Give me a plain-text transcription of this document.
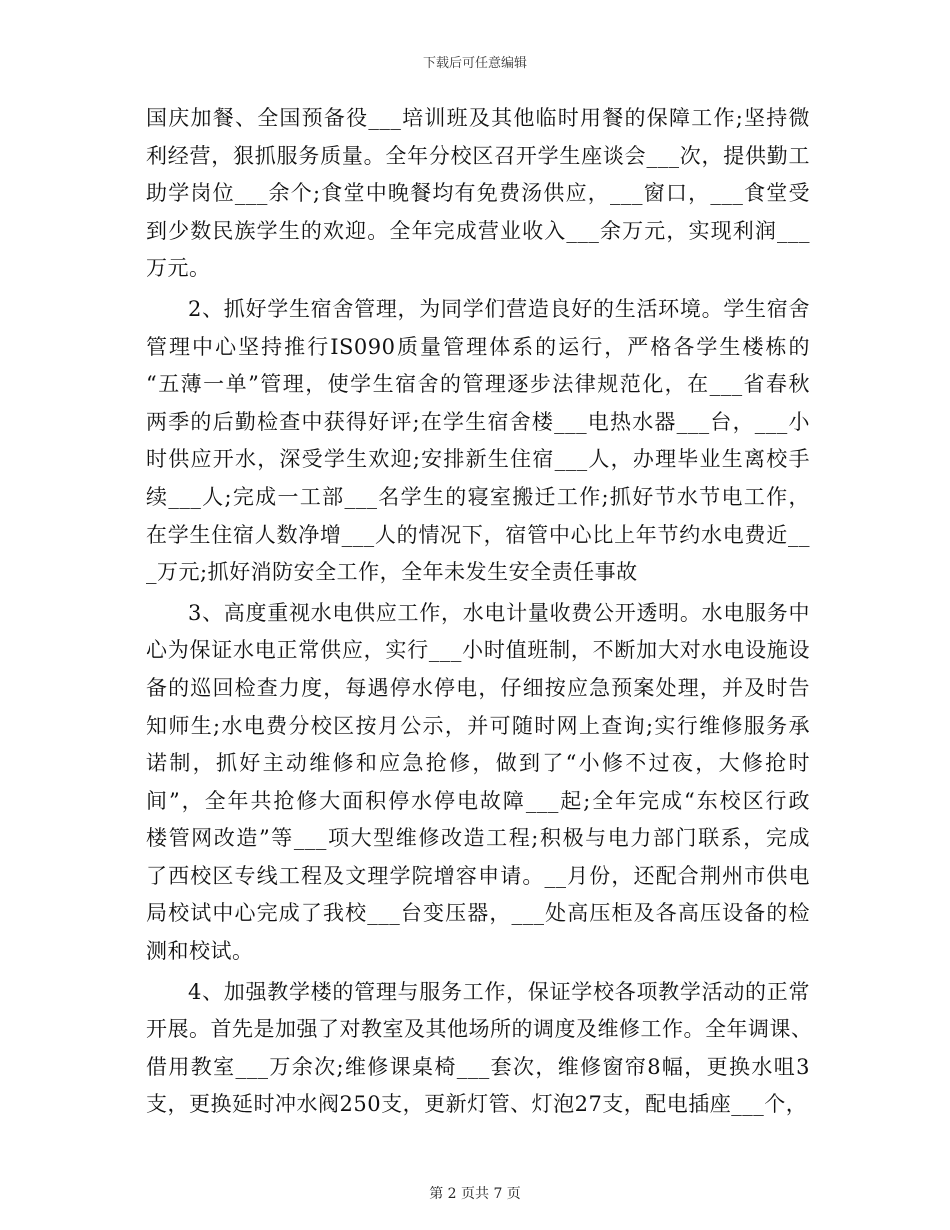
下载后可任意编辑
国庆加餐、全国预备役___培训班及其他临时用餐的保障工作;坚持微
利经营，狠抓服务质量。全年分校区召开学生座谈会___次，提供勤工
助学岗位___余个;食堂中晚餐均有免费汤供应，___窗口，___食堂受
到少数民族学生的欢迎。全年完成营业收入___余万元，实现利润___
万元。
2、抓好学生宿舍管理，为同学们营造良好的生活环境。学生宿舍
管理中心坚持推行IS090质量管理体系的运行，严格各学生楼栋的
“五薄一单”管理，使学生宿舍的管理逐步法律规范化，在___省春秋
两季的后勤检查中获得好评;在学生宿舍楼___电热水器___台，___小
时供应开水，深受学生欢迎;安排新生住宿___人，办理毕业生离校手
续___人;完成一工部___名学生的寝室搬迁工作;抓好节水节电工作，
在学生住宿人数净增___人的情况下，宿管中心比上年节约水电费近__
_万元;抓好消防安全工作，全年未发生安全责任事故
3、高度重视水电供应工作，水电计量收费公开透明。水电服务中
心为保证水电正常供应，实行___小时值班制，不断加大对水电设施设
备的巡回检查力度，每遇停水停电，仔细按应急预案处理，并及时告
知师生;水电费分校区按月公示，并可随时网上查询;实行维修服务承
诺制，抓好主动维修和应急抢修，做到了“小修不过夜，大修抢时
间”，全年共抢修大面积停水停电故障___起;全年完成“东校区行政
楼管网改造”等___项大型维修改造工程;积极与电力部门联系，完成
了西校区专线工程及文理学院增容申请。__月份，还配合荆州市供电
局校试中心完成了我校___台变压器，___处高压柜及各高压设备的检
测和校试。
4、加强教学楼的管理与服务工作，保证学校各项教学活动的正常
开展。首先是加强了对教室及其他场所的调度及维修工作。全年调课、
借用教室___万余次;维修课桌椅___套次，维修窗帘8幅，更换水咀3
支，更换延时冲水阀250支，更新灯管、灯泡27支，配电插座___个，
第 2 页共 7 页
